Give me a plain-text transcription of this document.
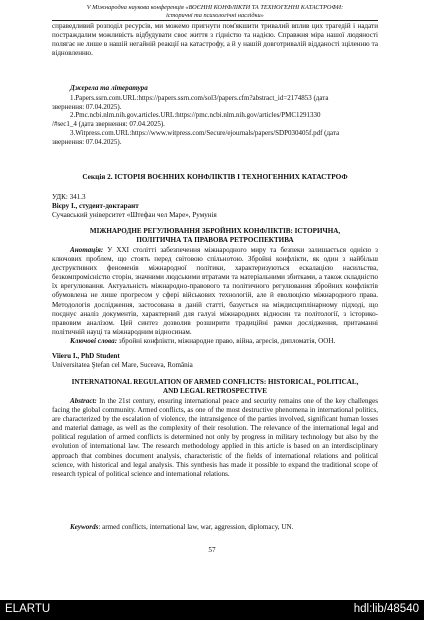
V Міжнародна наукова конференція «ВОЄННІ КОНФЛІКТИ ТА ТЕХНОГЕННІ КАТАСТРОФИ:
історичні та психологічні наслідки»
справедливий розподіл ресурсів, ми можемо пригнути пом'якшити тривалий вплив цих трагедій і надати постраждалим можливість відбудувати своє життя з гідністю та надією. Справжня міра нашої людяності полягає не лише в нашій негайній реакції на катастрофу, а й у нашій довготривалій відданості зціленню та відновленню.
Джерела та література
1.Papers.ssrn.com.URL:https://papers.ssrn.com/sol3/papers.cfm?abstract_id=2174853 (дата
звернення: 07.04.2025).
2.Pmc.ncbi.nlm.nih.gov.articles.URL:https://pmc.ncbi.nlm.nih.gov/articles/PMC1291330
/#sec1_4 (дата звернення: 07.04.2025).
3.Witpress.com.URL:https://www.witpress.com/Secure/ejournals/papers/SDP030405f.pdf (дата
звернення: 07.04.2025).
Секція 2. ІСТОРІЯ ВОЄННИХ КОНФЛІКТІВ І ТЕХНОГЕННИХ КАТАСТРОФ
УДК: 341.3
Вієру І., студент-доктарант
Сучавський університет «Штефан чел Маре», Румунія
МІЖНАРОДНЕ РЕГУЛЮВАННЯ ЗБРОЙНИХ КОНФЛІКТІВ: ІСТОРИЧНА,
ПОЛІТИЧНА ТА ПРАВОВА РЕТРОСПЕКТИВА
Анотація: У XXI столітті забезпечення міжнародного миру та безпеки залишається однією з ключових проблем, що стоять перед світовою спільнотою. Збройні конфлікти, як один з найбільш деструктивних феноменів міжнародної політики, характеризуються ескалацією насильства, безкомпромісністю сторін, значними людськими втратами та матеріальними збитками, а також складністю їх врегулювання. Актуальність міжнародно-правового та політичного регулювання збройних конфліктів обумовлена не лише прогресом у сфері військових технологій, але й еволюцією міжнародного права. Методологія дослідження, застосована в даній статті, базується на міждисциплінарному підході, що поєднує аналіз документів, характерний для галузі міжнародних відносин та політології, з історико-правовим аналізом. Цей синтез дозволив розширити традиційні рамки дослідження, притаманні політичній науці та міжнародним відносинам.
Ключові слова: збройні конфлікти, міжнародне право, війна, агресія, дипломатія, ООН.
Viieru I., PhD Student
Universitatea Ştefan cel Mare, Suceava, România
INTERNATIONAL REGULATION OF ARMED CONFLICTS: HISTORICAL, POLITICAL,
AND LEGAL RETROSPECTIVE
Abstract: In the 21st century, ensuring international peace and security remains one of the key challenges facing the global community. Armed conflicts, as one of the most destructive phenomena in international politics, are characterized by the escalation of violence, the intransigence of the parties involved, significant human losses and material damage, as well as the complexity of their resolution. The relevance of the international legal and political regulation of armed conflicts is determined not only by progress in military technology but also by the evolution of international law. The research methodology applied in this article is based on an interdisciplinary approach that combines document analysis, characteristic of the fields of international relations and political science, with historical and legal analysis. This synthesis has made it possible to expand the traditional scope of research typical of political science and international relations.
Keywords: armed conflicts, international law, war, aggression, diplomacy, UN.
57
ELARTU	hdl:lib/48540
